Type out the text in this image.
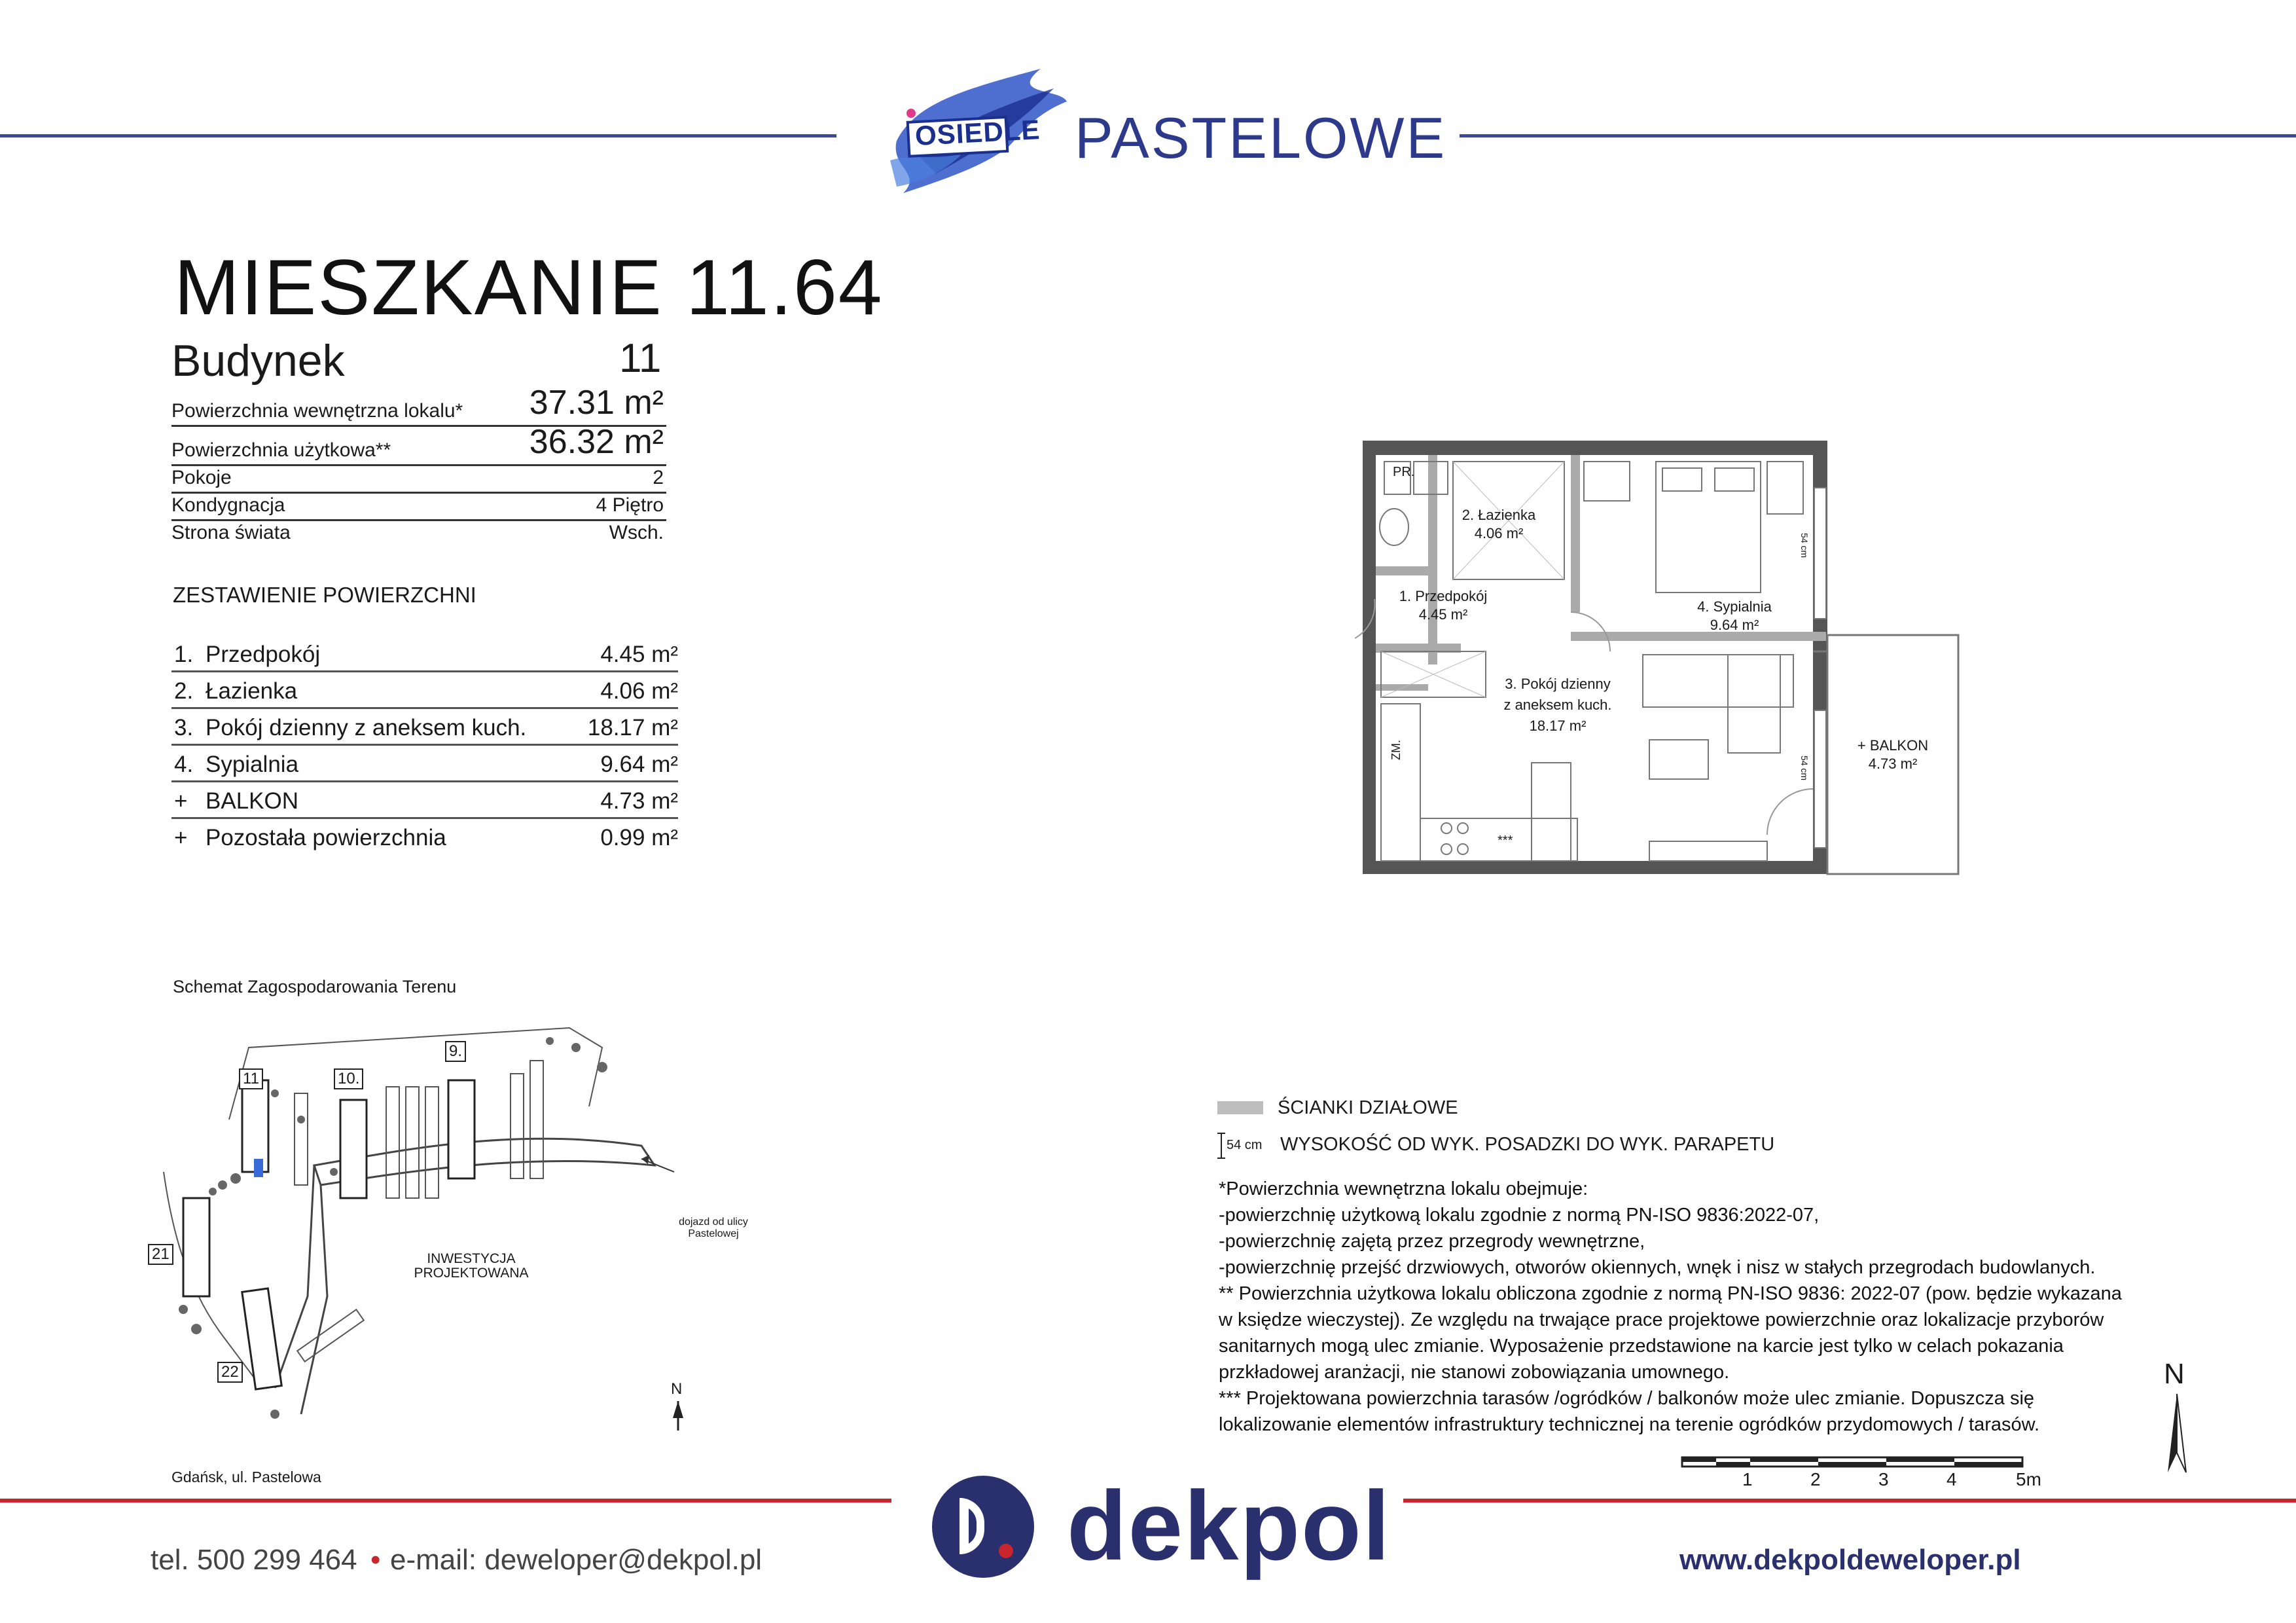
OSIEDLE PASTELOWE
MIESZKANIE 11.64
Budynek	11
Powierzchnia wewnętrzna lokalu* 37.31 m²
Powierzchnia użytkowa**	36.32 m²
Pokoje	2
Kondygnacja	4 Piętro
Strona świata	Wsch.
ZESTAWIENIE POWIERZCHNI
1. Przedpokój	4.45 m²
2. Łazienka	4.06 m²
3. Pokój dzienny z aneksem kuch.	18.17 m²
4. Sypialnia	9.64 m²
+ BALKON	4.73 m²
+ Pozostała powierzchnia	0.99 m²
PR.
ZM.
***
54 cm
54 cm
2. Łazienka
4.06 m²
1. Przedpokój
4.45 m²	4. Sypialnia
9.64 m²
3. Pokój dzienny
z aneksem kuch.
18.17 m²
+ BALKON
4.73 m²
Schemat Zagospodarowania Terenu
11	10.
9.
21
22
INWESTYCJA
PROJEKTOWANA
dojazd od ulicy
Pastelowej
N
Gdańsk, ul. Pastelowa
ŚCIANKI DZIAŁOWE
54 cm WYSOKOŚĆ OD WYK. POSADZKI DO WYK. PARAPETU
*Powierzchnia wewnętrzna lokalu obejmuje:
-powierzchnię użytkową lokalu zgodnie z normą PN-ISO 9836:2022-07,
-powierzchnię zajętą przez przegrody wewnętrzne,
-powierzchnię przejść drzwiowych, otworów okiennych, wnęk i nisz w stałych przegrodach budowlanych.
** Powierzchnia użytkowa lokalu obliczona zgodnie z normą PN-ISO 9836: 2022-07 (pow. będzie wykazana
w księdze wieczystej). Ze względu na trwające prace projektowe powierzchnie oraz lokalizacje przyborów
sanitarnych mogą ulec zmianie. Wyposażenie przedstawione na karcie jest tylko w celach pokazania
przkładowej aranżacji, nie stanowi zobowiązania umownego.
*** Projektowana powierzchnia tarasów /ogródków / balkonów może ulec zmianie. Dopuszcza się
lokalizowanie elementów infrastruktury technicznej na terenie ogródków przydomowych / tarasów.
N
1	2	3	4	5m
dekpol
tel. 500 299 464 • e-mail: deweloper@dekpol.pl	www.dekpoldeweloper.pl
